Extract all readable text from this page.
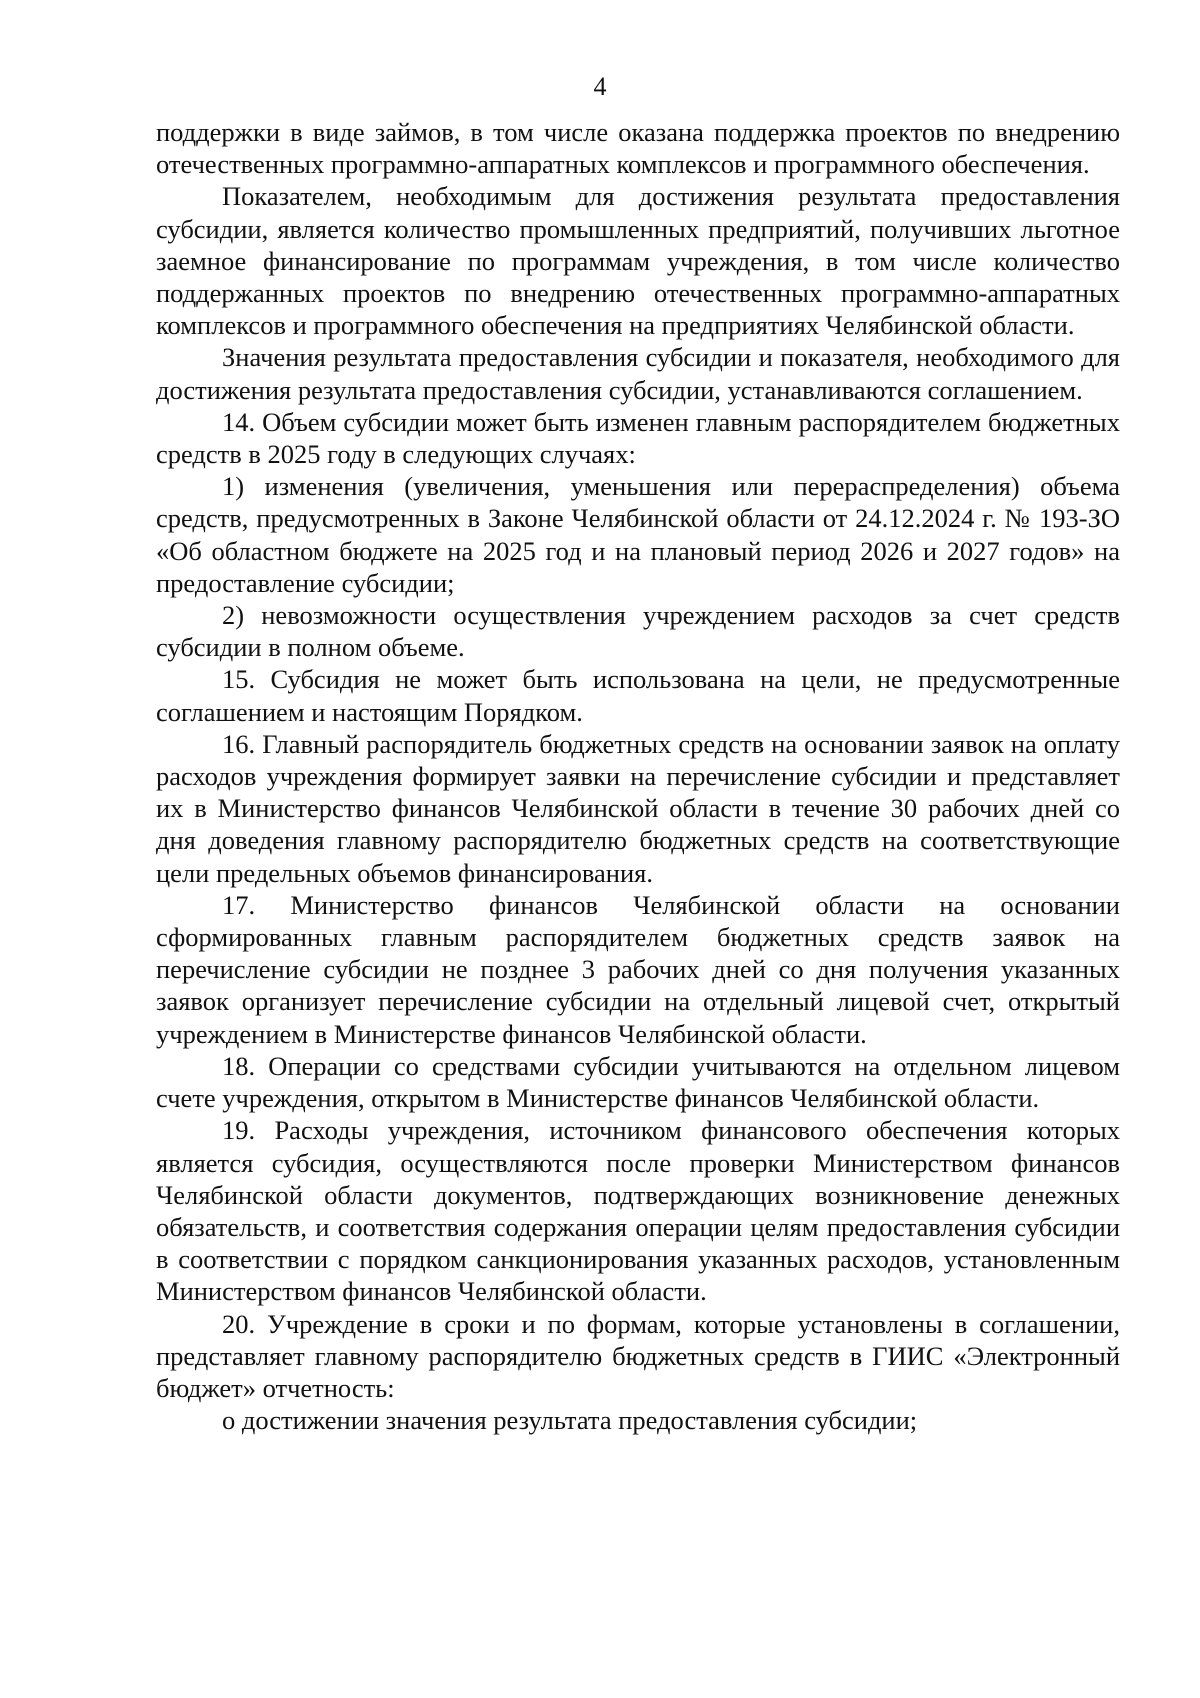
4

поддержки в виде займов, в том числе оказана поддержка проектов по внедрению отечественных программно-аппаратных комплексов и программного обеспечения.

Показателем, необходимым для достижения результата предоставления субсидии, является количество промышленных предприятий, получивших льготное заемное финансирование по программам учреждения, в том числе количество поддержанных проектов по внедрению отечественных программно-аппаратных комплексов и программного обеспечения на предприятиях Челябинской области.

Значения результата предоставления субсидии и показателя, необходимого для достижения результата предоставления субсидии, устанавливаются соглашением.

14. Объем субсидии может быть изменен главным распорядителем бюджетных средств в 2025 году в следующих случаях:

1) изменения (увеличения, уменьшения или перераспределения) объема средств, предусмотренных в Законе Челябинской области от 24.12.2024 г. № 193-ЗО «Об областном бюджете на 2025 год и на плановый период 2026 и 2027 годов» на предоставление субсидии;

2) невозможности осуществления учреждением расходов за счет средств субсидии в полном объеме.

15. Субсидия не может быть использована на цели, не предусмотренные соглашением и настоящим Порядком.

16. Главный распорядитель бюджетных средств на основании заявок на оплату расходов учреждения формирует заявки на перечисление субсидии и представляет их в Министерство финансов Челябинской области в течение 30 рабочих дней со дня доведения главному распорядителю бюджетных средств на соответствующие цели предельных объемов финансирования.

17. Министерство финансов Челябинской области на основании сформированных главным распорядителем бюджетных средств заявок на перечисление субсидии не позднее 3 рабочих дней со дня получения указанных заявок организует перечисление субсидии на отдельный лицевой счет, открытый учреждением в Министерстве финансов Челябинской области.

18. Операции со средствами субсидии учитываются на отдельном лицевом счете учреждения, открытом в Министерстве финансов Челябинской области.

19. Расходы учреждения, источником финансового обеспечения которых является субсидия, осуществляются после проверки Министерством финансов Челябинской области документов, подтверждающих возникновение денежных обязательств, и соответствия содержания операции целям предоставления субсидии в соответствии с порядком санкционирования указанных расходов, установленным Министерством финансов Челябинской области.

20. Учреждение в сроки и по формам, которые установлены в соглашении, представляет главному распорядителю бюджетных средств в ГИИС «Электронный бюджет» отчетность:

о достижении значения результата предоставления субсидии;
